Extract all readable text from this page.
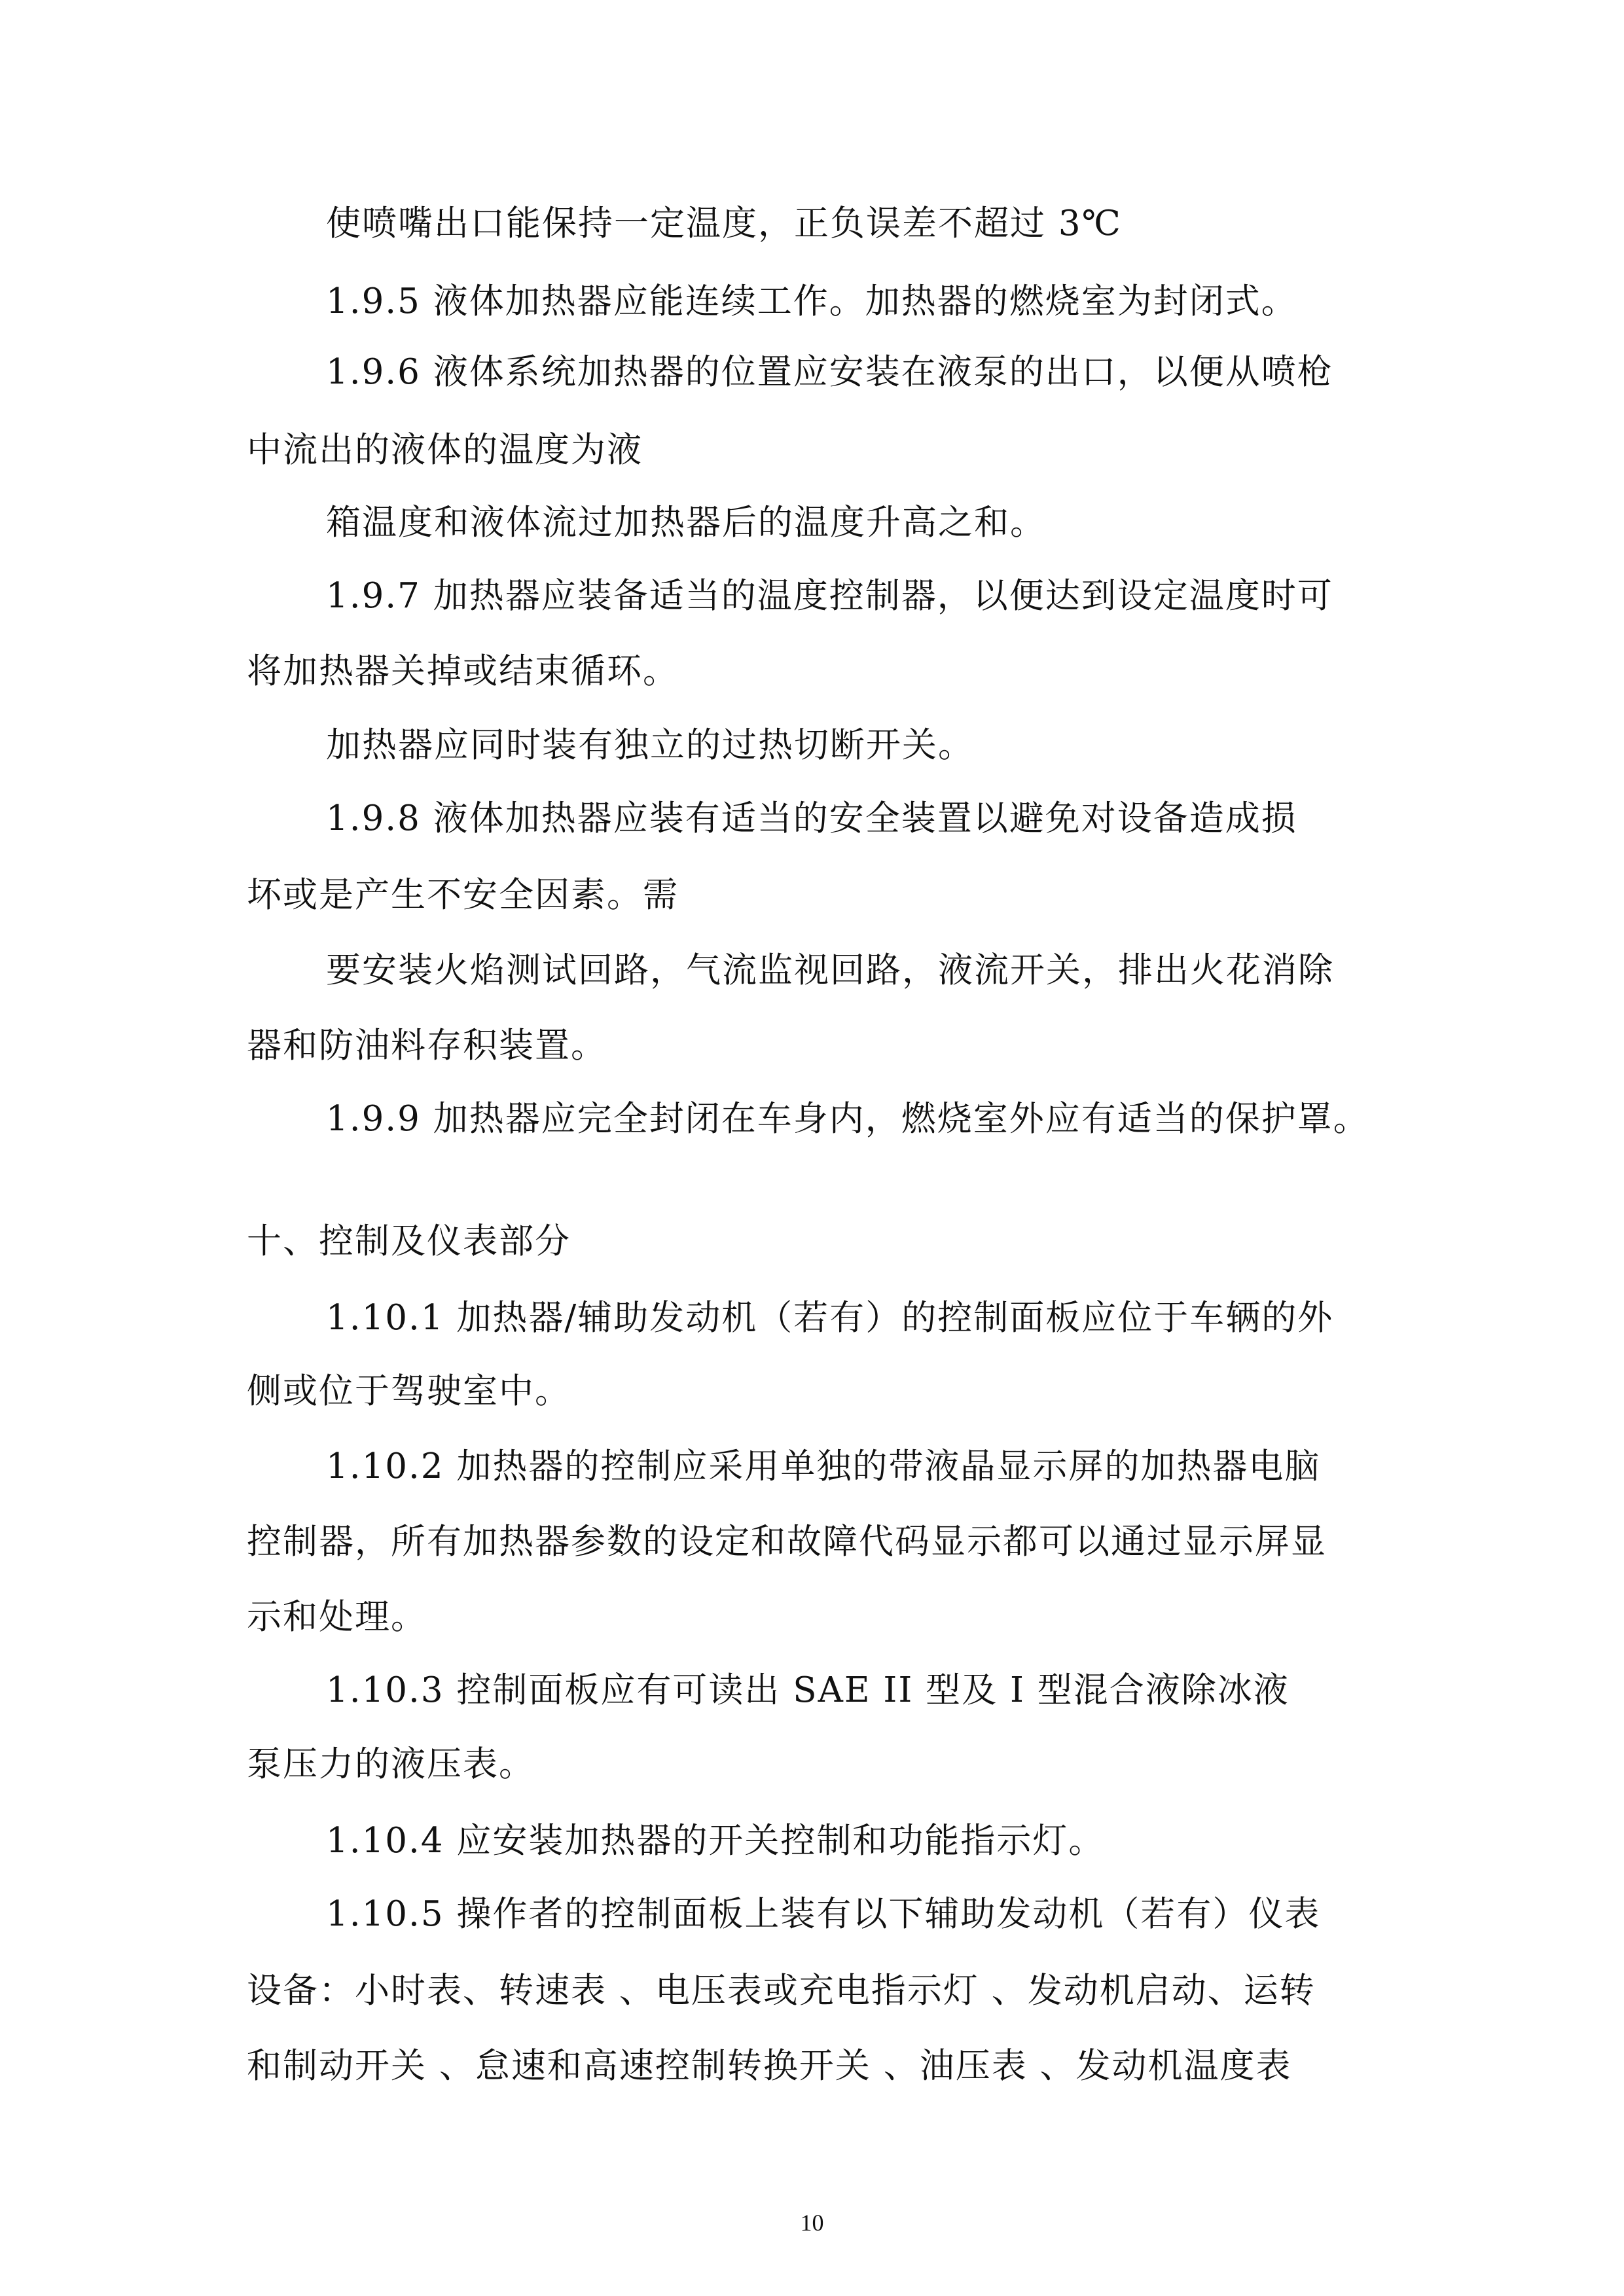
使喷嘴出口能保持一定温度，正负误差不超过 3℃
1.9.5 液体加热器应能连续工作。加热器的燃烧室为封闭式。
1.9.6 液体系统加热器的位置应安装在液泵的出口，以便从喷枪
中流出的液体的温度为液
箱温度和液体流过加热器后的温度升高之和。
1.9.7 加热器应装备适当的温度控制器，以便达到设定温度时可
将加热器关掉或结束循环。
加热器应同时装有独立的过热切断开关。
1.9.8 液体加热器应装有适当的安全装置以避免对设备造成损
坏或是产生不安全因素。需
要安装火焰测试回路，气流监视回路，液流开关，排出火花消除
器和防油料存积装置。
1.9.9 加热器应完全封闭在车身内，燃烧室外应有适当的保护罩。
十、控制及仪表部分
1.10.1 加热器/辅助发动机（若有）的控制面板应位于车辆的外
侧或位于驾驶室中。
1.10.2 加热器的控制应采用单独的带液晶显示屏的加热器电脑
控制器，所有加热器参数的设定和故障代码显示都可以通过显示屏显
示和处理。
1.10.3 控制面板应有可读出 SAE II 型及 I 型混合液除冰液
泵压力的液压表。
1.10.4 应安装加热器的开关控制和功能指示灯。
1.10.5 操作者的控制面板上装有以下辅助发动机（若有）仪表
设备：小时表、转速表 、电压表或充电指示灯 、发动机启动、运转
和制动开关 、怠速和高速控制转换开关 、油压表 、发动机温度表
10
